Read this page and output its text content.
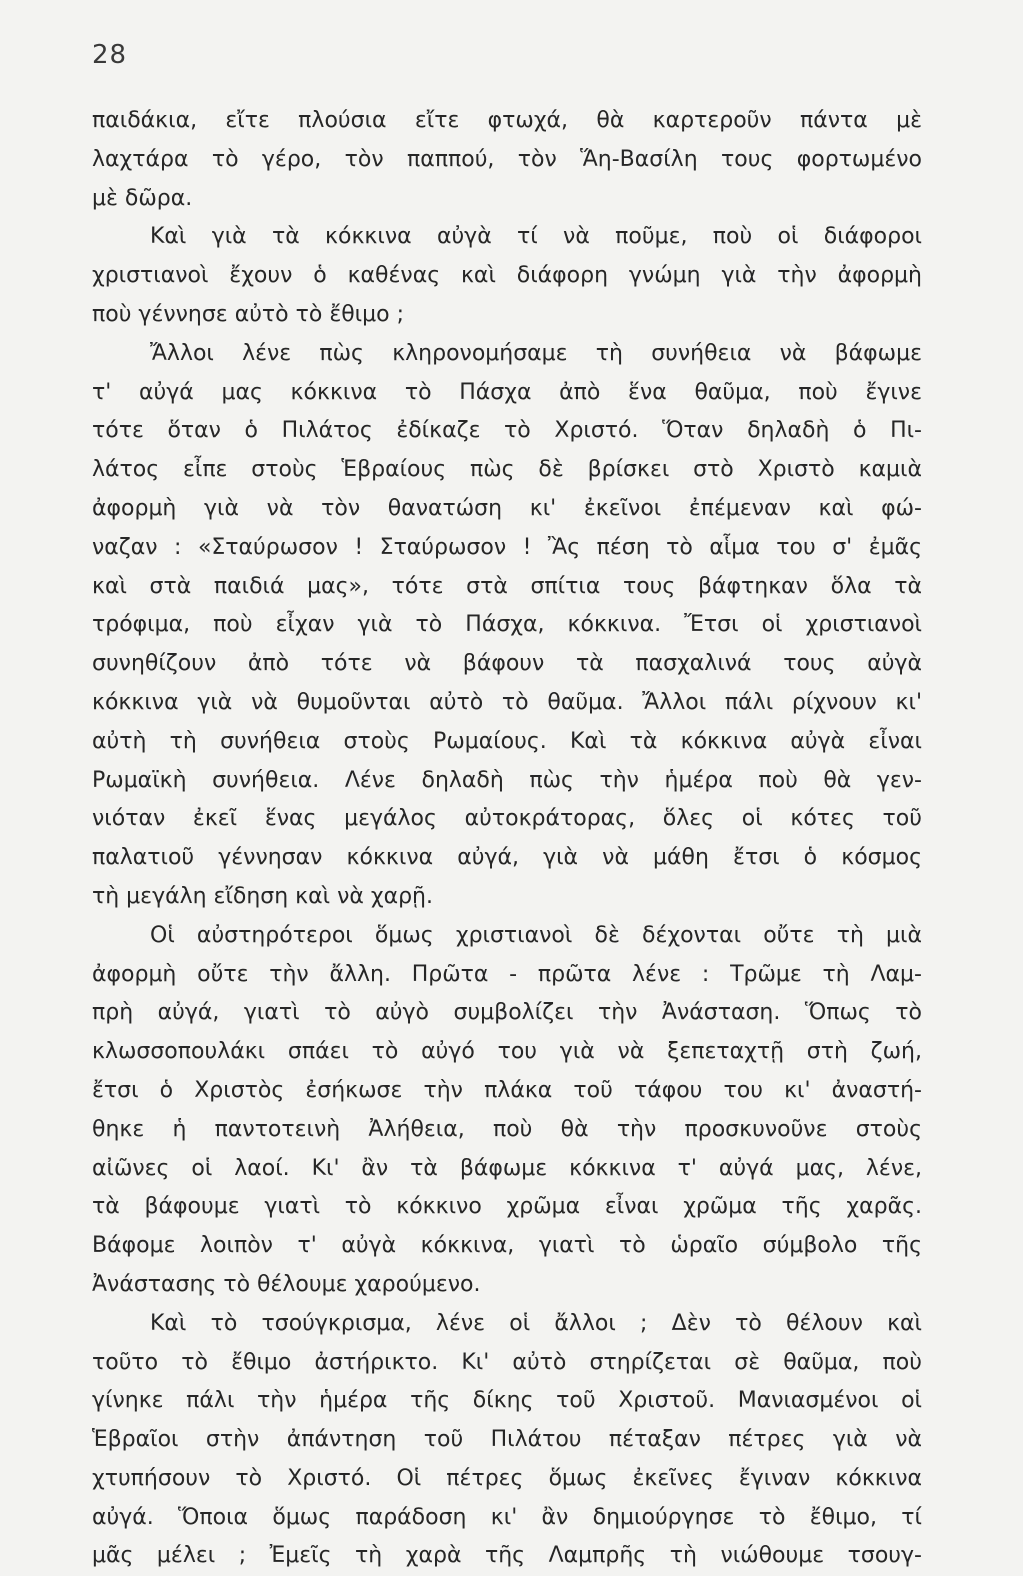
28
παιδάκια, εἴτε πλούσια εἴτε φτωχά, θὰ καρτεροῦν πάντα μὲ
λαχτάρα τὸ γέρο, τὸν παππού, τὸν Ἅη-Βασίλη τους φορτωμένο
μὲ δῶρα.
Καὶ γιὰ τὰ κόκκινα αὐγὰ τί νὰ ποῦμε, ποὺ οἱ διάφοροι
χριστιανοὶ ἔχουν ὁ καθένας καὶ διάφορη γνώμη γιὰ τὴν ἀφορμὴ
ποὺ γέννησε αὐτὸ τὸ ἔθιμο ;
Ἄλλοι λένε πὼς κληρονομήσαμε τὴ συνήθεια νὰ βάφωμε
τ' αὐγά μας κόκκινα τὸ Πάσχα ἀπὸ ἕνα θαῦμα, ποὺ ἔγινε
τότε ὅταν ὁ Πιλάτος ἐδίκαζε τὸ Χριστό. Ὅταν δηλαδὴ ὁ Πι-
λάτος εἶπε στοὺς Ἑβραίους πὼς δὲ βρίσκει στὸ Χριστὸ καμιὰ
ἀφορμὴ γιὰ νὰ τὸν θανατώση κι' ἐκεῖνοι ἐπέμεναν καὶ φώ-
ναζαν : «Σταύρωσον ! Σταύρωσον ! Ἂς πέση τὸ αἷμα του σ' ἐμᾶς
καὶ στὰ παιδιά μας», τότε στὰ σπίτια τους βάφτηκαν ὅλα τὰ
τρόφιμα, ποὺ εἶχαν γιὰ τὸ Πάσχα, κόκκινα. Ἔτσι οἱ χριστιανοὶ
συνηθίζουν ἀπὸ τότε νὰ βάφουν τὰ πασχαλινά τους αὐγὰ
κόκκινα γιὰ νὰ θυμοῦνται αὐτὸ τὸ θαῦμα. Ἄλλοι πάλι ρίχνουν κι'
αὐτὴ τὴ συνήθεια στοὺς Ρωμαίους. Καὶ τὰ κόκκινα αὐγὰ εἶναι
Ρωμαϊκὴ συνήθεια. Λένε δηλαδὴ πὼς τὴν ἡμέρα ποὺ θὰ γεν-
νιόταν ἐκεῖ ἕνας μεγάλος αὐτοκράτορας, ὅλες οἱ κότες τοῦ
παλατιοῦ γέννησαν κόκκινα αὐγά, γιὰ νὰ μάθη ἔτσι ὁ κόσμος
τὴ μεγάλη εἴδηση καὶ νὰ χαρῇ.
Οἱ αὐστηρότεροι ὅμως χριστιανοὶ δὲ δέχονται οὔτε τὴ μιὰ
ἀφορμὴ οὔτε τὴν ἄλλη. Πρῶτα - πρῶτα λένε : Τρῶμε τὴ Λαμ-
πρὴ αὐγά, γιατὶ τὸ αὐγὸ συμβολίζει τὴν Ἀνάσταση. Ὅπως τὸ
κλωσσοπουλάκι σπάει τὸ αὐγό του γιὰ νὰ ξεπεταχτῇ στὴ ζωή,
ἔτσι ὁ Χριστὸς ἐσήκωσε τὴν πλάκα τοῦ τάφου του κι' ἀναστή-
θηκε ἡ παντοτεινὴ Ἀλήθεια, ποὺ θὰ τὴν προσκυνοῦνε στοὺς
αἰῶνες οἱ λαοί. Κι' ἂν τὰ βάφωμε κόκκινα τ' αὐγά μας, λένε,
τὰ βάφουμε γιατὶ τὸ κόκκινο χρῶμα εἶναι χρῶμα τῆς χαρᾶς.
Βάφομε λοιπὸν τ' αὐγὰ κόκκινα, γιατὶ τὸ ὡραῖο σύμβολο τῆς
Ἀνάστασης τὸ θέλουμε χαρούμενο.
Καὶ τὸ τσούγκρισμα, λένε οἱ ἄλλοι ; Δὲν τὸ θέλουν καὶ
τοῦτο τὸ ἔθιμο ἀστήρικτο. Κι' αὐτὸ στηρίζεται σὲ θαῦμα, ποὺ
γίνηκε πάλι τὴν ἡμέρα τῆς δίκης τοῦ Χριστοῦ. Μανιασμένοι οἱ
Ἑβραῖοι στὴν ἀπάντηση τοῦ Πιλάτου πέταξαν πέτρες γιὰ νὰ
χτυπήσουν τὸ Χριστό. Οἱ πέτρες ὅμως ἐκεῖνες ἔγιναν κόκκινα
αὐγά. Ὅποια ὅμως παράδοση κι' ἂν δημιούργησε τὸ ἔθιμο, τί
μᾶς μέλει ; Ἐμεῖς τὴ χαρὰ τῆς Λαμπρῆς τὴ νιώθουμε τσουγ-
